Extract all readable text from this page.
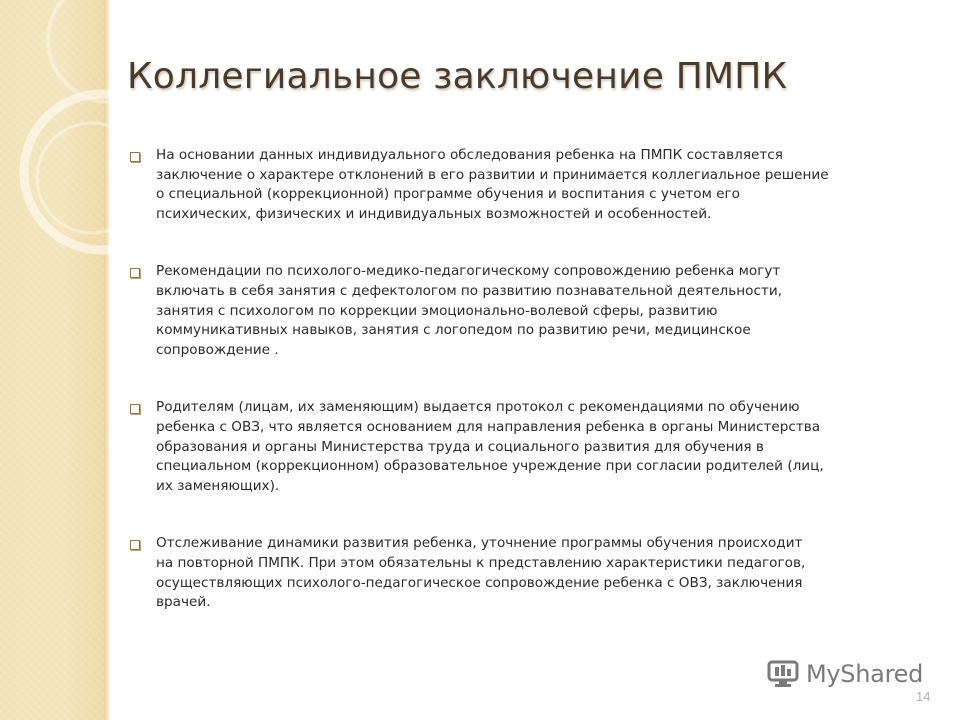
Коллегиальное заключение ПМПК
На основании данных индивидуального обследования ребенка на ПМПК составляется
заключение о характере отклонений в его развитии и принимается коллегиальное решение
о специальной (коррекционной) программе обучения и воспитания с учетом его
психических, физических и индивидуальных возможностей и особенностей.
Рекомендации по психолого-медико-педагогическому сопровождению ребенка могут
включать в себя занятия с дефектологом по развитию познавательной деятельности,
занятия с психологом по коррекции эмоционально-волевой сферы, развитию
коммуникативных навыков, занятия с логопедом по развитию речи, медицинское
сопровождение .
Родителям (лицам, их заменяющим) выдается протокол с рекомендациями по обучению
ребенка с ОВЗ, что является основанием для направления ребенка в органы Министерства
образования и органы Министерства труда и социального развития для обучения в
специальном (коррекционном) образовательное учреждение при согласии родителей (лиц,
их заменяющих).
Отслеживание динамики развития ребенка, уточнение программы обучения происходит
на повторной ПМПК. При этом обязательны к представлению характеристики педагогов,
осуществляющих психолого-педагогическое сопровождение ребенка с ОВЗ, заключения
врачей.
MyShared
14
